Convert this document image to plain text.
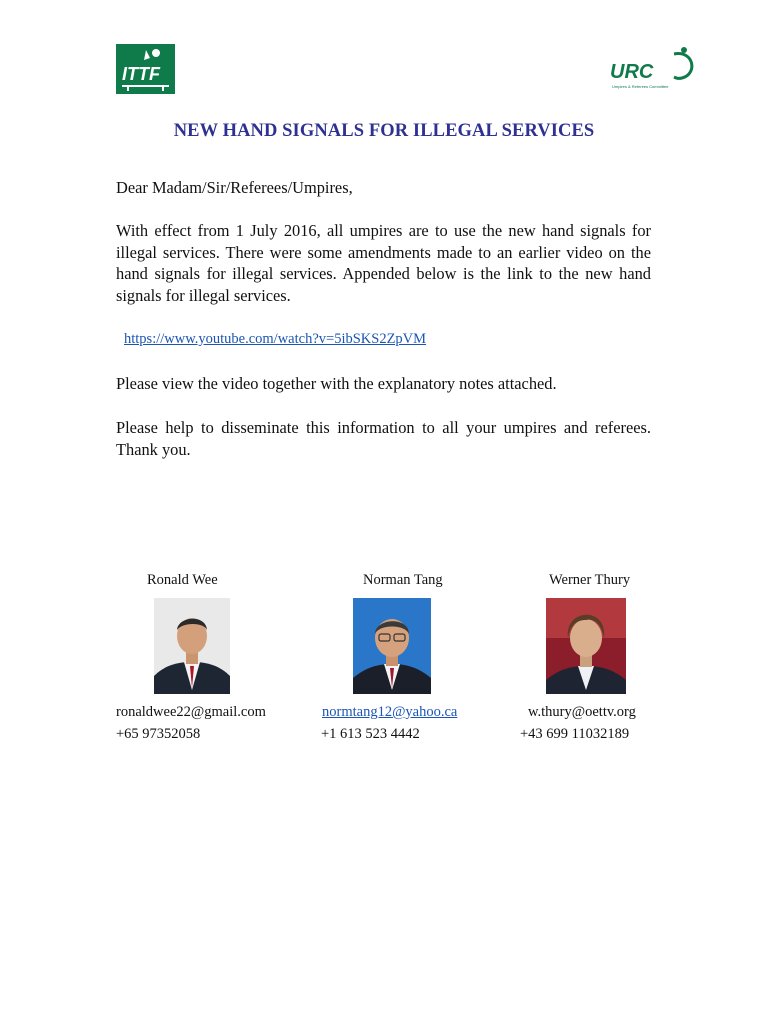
ITTF	URC
Umpires & Referees Committee
NEW HAND SIGNALS FOR ILLEGAL SERVICES
Dear Madam/Sir/Referees/Umpires,
With effect from 1 July 2016, all umpires are to use the new hand signals for illegal services. There were some amendments made to an earlier video on the hand signals for illegal services. Appended below is the link to the new hand signals for illegal services.
https://www.youtube.com/watch?v=5ibSKS2ZpVM
Please view the video together with the explanatory notes attached.
Please help to disseminate this information to all your umpires and referees. Thank you.
Ronald Wee
ronaldwee22@gmail.com
+65 97352058
Norman Tang
normtang12@yahoo.ca
+1 613 523 4442
Werner Thury
w.thury@oettv.org
+43 699 11032189
